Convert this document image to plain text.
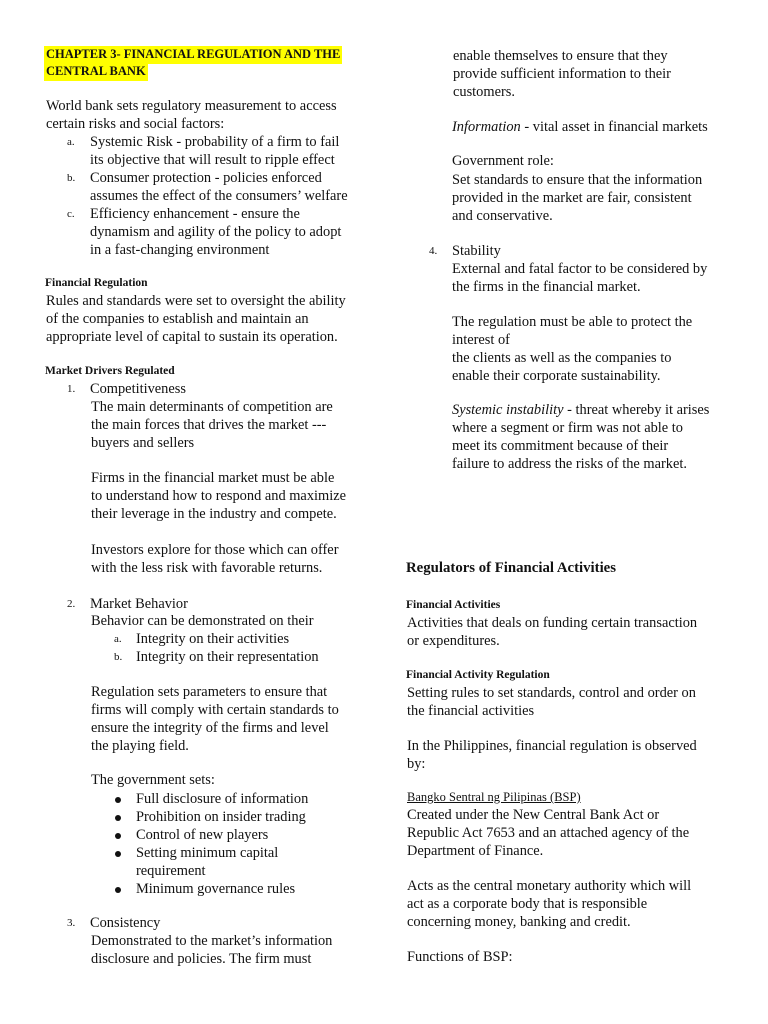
CHAPTER 3- FINANCIAL REGULATION AND THE
CENTRAL BANK
World bank sets regulatory measurement to access
certain risks and social factors:
a. Systemic Risk - probability of a firm to fail
its objective that will result to ripple effect
b. Consumer protection - policies enforced
assumes the effect of the consumers’ welfare
c. Efficiency enhancement - ensure the
dynamism and agility of the policy to adopt
in a fast-changing environment
Financial Regulation
Rules and standards were set to oversight the ability
of the companies to establish and maintain an
appropriate level of capital to sustain its operation.
Market Drivers Regulated
1. Competitiveness
The main determinants of competition are
the main forces that drives the market ---
buyers and sellers
Firms in the financial market must be able
to understand how to respond and maximize
their leverage in the industry and compete.
Investors explore for those which can offer
with the less risk with favorable returns.
2. Market Behavior
Behavior can be demonstrated on their
a. Integrity on their activities
b. Integrity on their representation
Regulation sets parameters to ensure that
firms will comply with certain standards to
ensure the integrity of the firms and level
the playing field.
The government sets:
Full disclosure of information
Prohibition on insider trading
Control of new players
Setting minimum capital
requirement
Minimum governance rules
3. Consistency
Demonstrated to the market’s information
disclosure and policies. The firm must
enable themselves to ensure that they
provide sufficient information to their
customers.
Information - vital asset in financial markets
Government role:
Set standards to ensure that the information
provided in the market are fair, consistent
and conservative.
4. Stability
External and fatal factor to be considered by
the firms in the financial market.
The regulation must be able to protect the
interest of
the clients as well as the companies to
enable their corporate sustainability.
Systemic instability - threat whereby it arises
where a segment or firm was not able to
meet its commitment because of their
failure to address the risks of the market.
Regulators of Financial Activities
Financial Activities
Activities that deals on funding certain transaction
or expenditures.
Financial Activity Regulation
Setting rules to set standards, control and order on
the financial activities
In the Philippines, financial regulation is observed
by:
Bangko Sentral ng Pilipinas (BSP)
Created under the New Central Bank Act or
Republic Act 7653 and an attached agency of the
Department of Finance.
Acts as the central monetary authority which will
act as a corporate body that is responsible
concerning money, banking and credit.
Functions of BSP:
